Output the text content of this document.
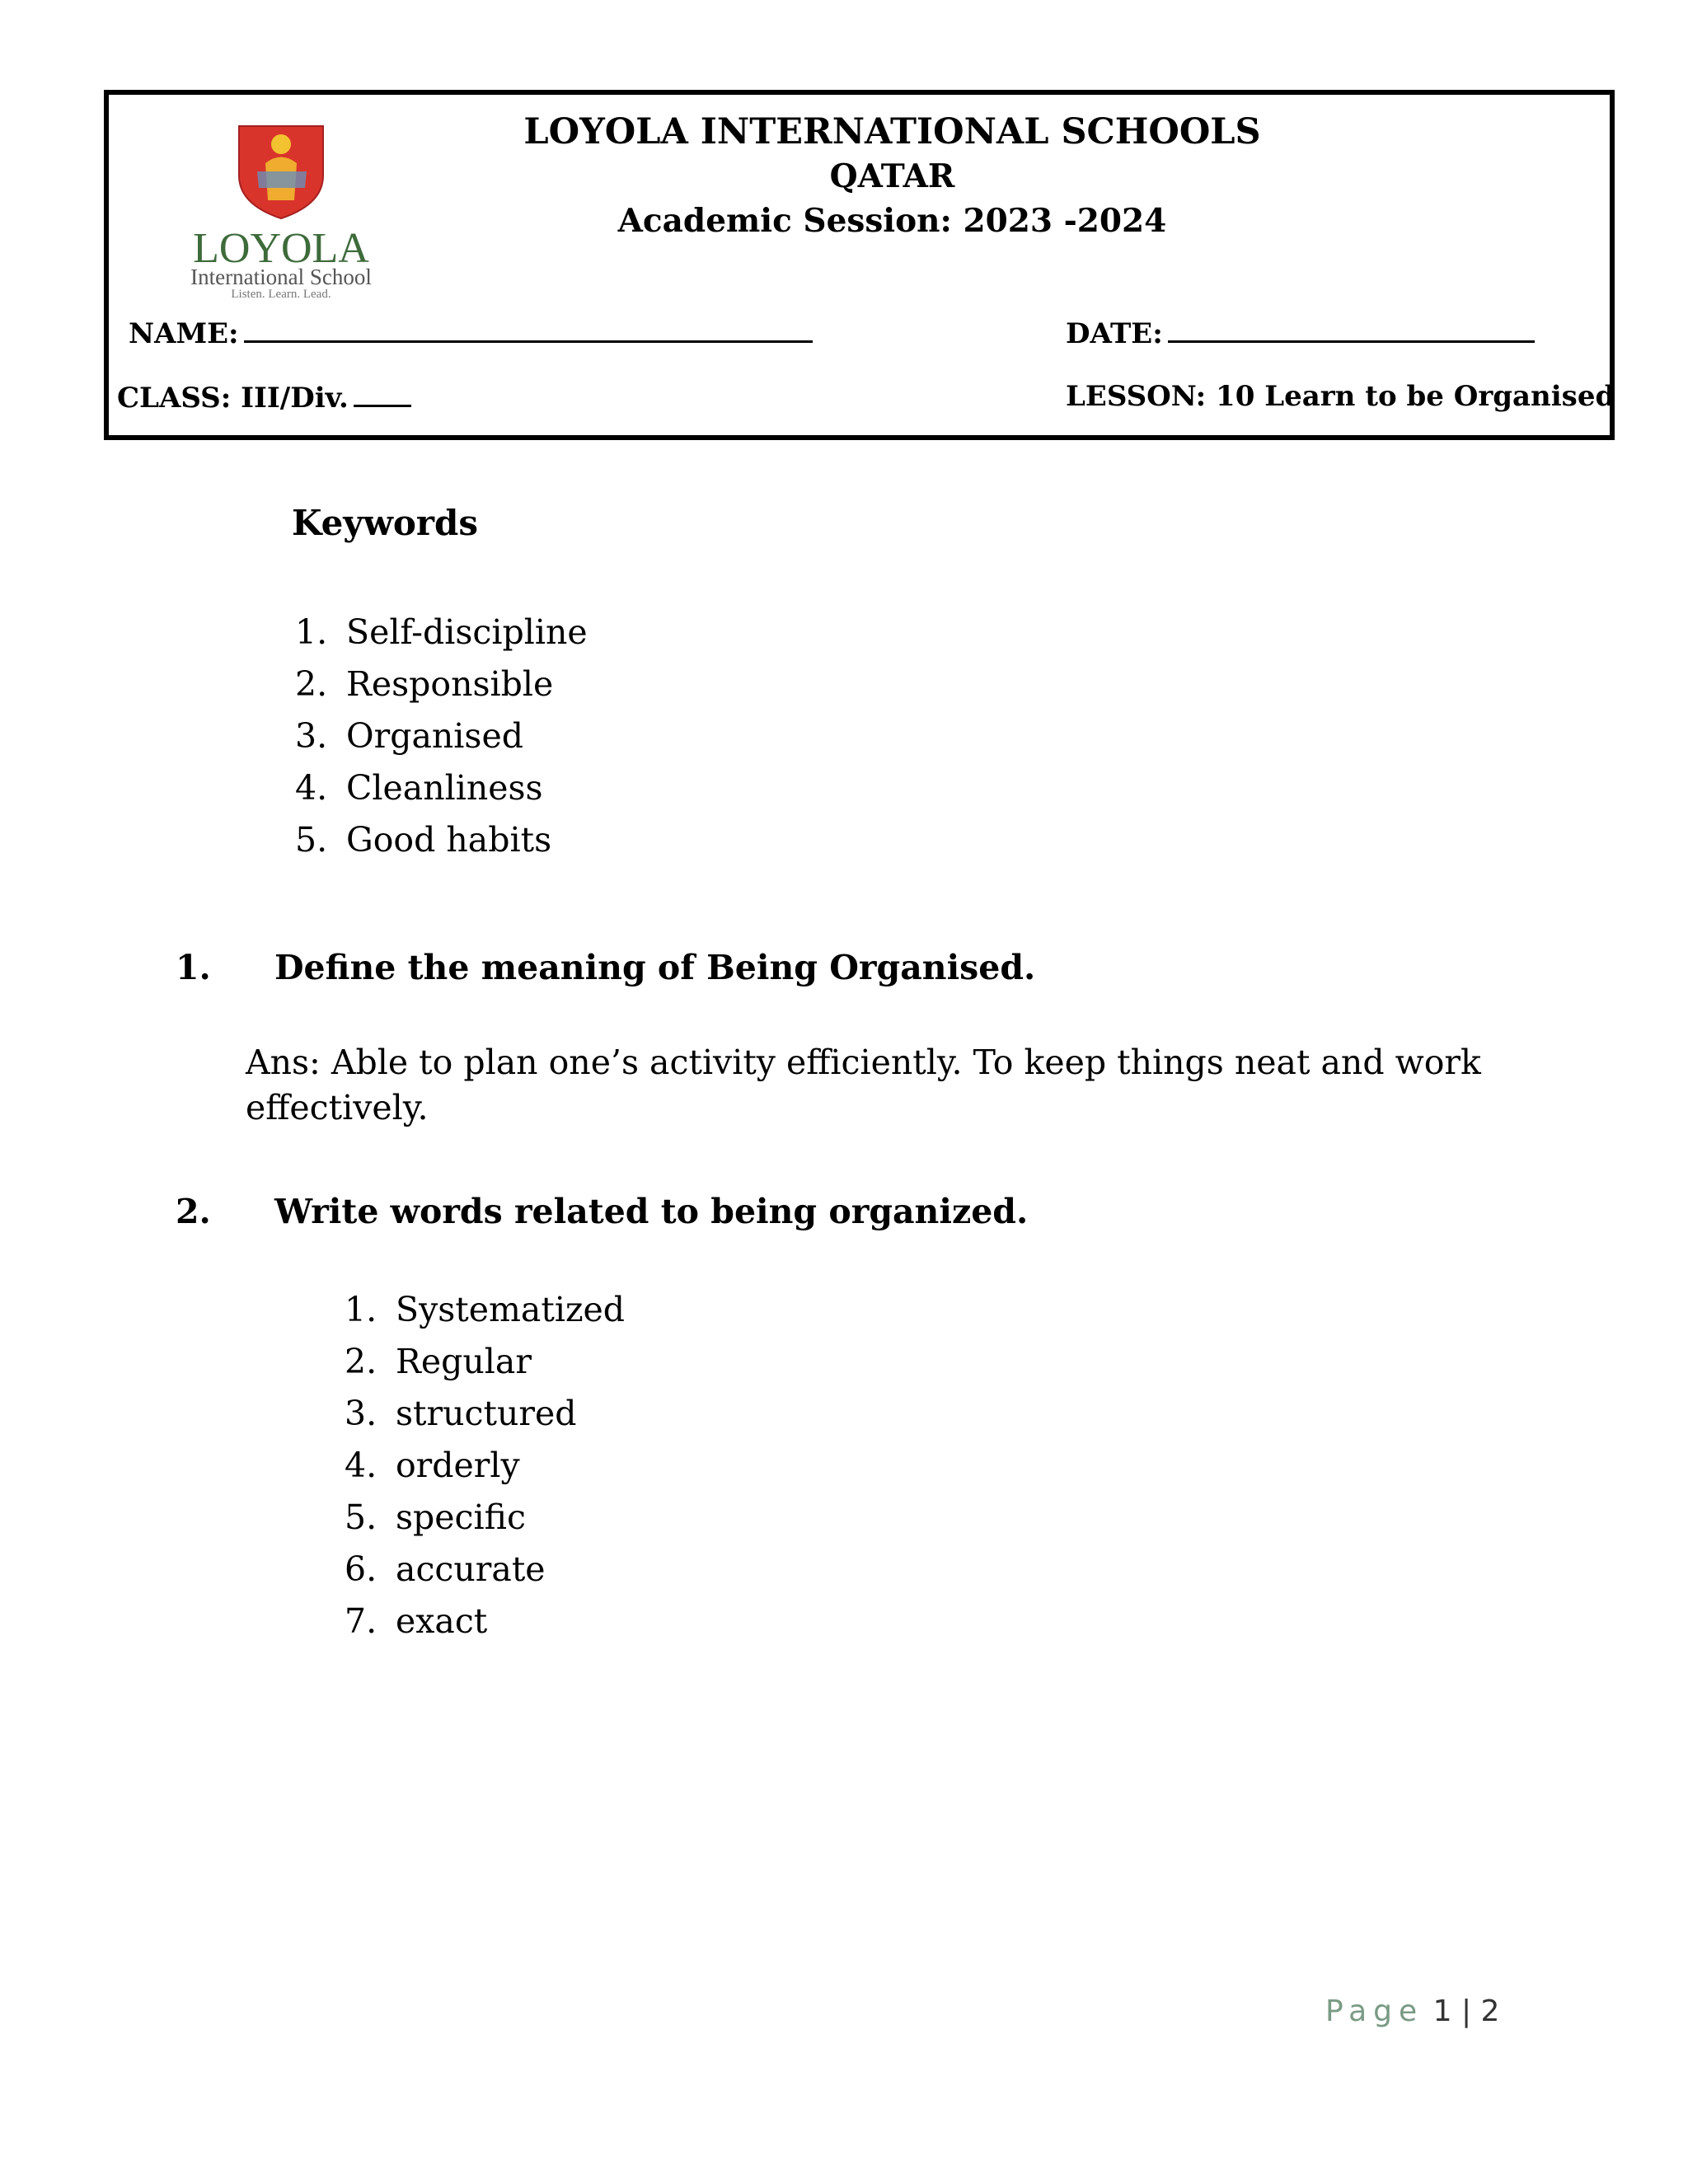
LOYOLA
International School
Listen. Learn. Lead.
LOYOLA INTERNATIONAL SCHOOLS
QATAR
Academic Session: 2023 -2024
NAME:	DATE:
CLASS: III/Div.	LESSON: 10 Learn to be Organised
Keywords
1. Self-discipline
2. Responsible
3. Organised
4. Cleanliness
5. Good habits
1. Define the meaning of Being Organised.
Ans: Able to plan one’s activity efficiently. To keep things neat and work effectively.
2. Write words related to being organized.
1. Systematized
2. Regular
3. structured
4. orderly
5. specific
6. accurate
7. exact
Page 1 | 2
